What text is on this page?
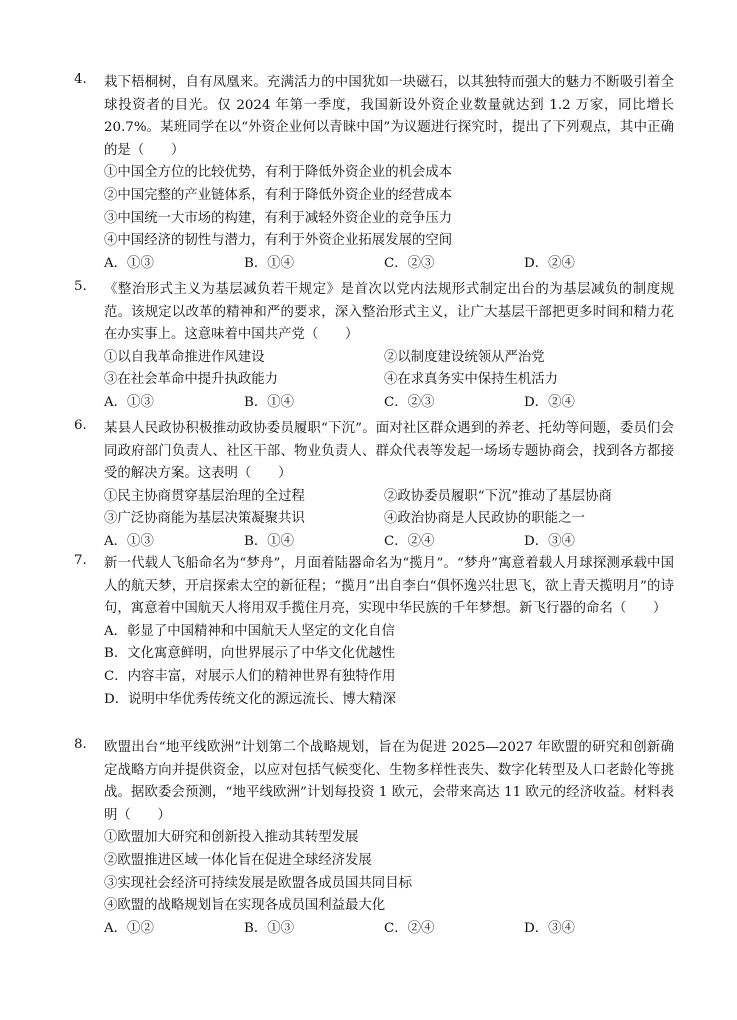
4.	栽下梧桐树，自有凤凰来。充满活力的中国犹如一块磁石，以其独特而强大的魅力不断吸引着全球投资者的目光。仅 2024 年第一季度，我国新设外资企业数量就达到 1.2 万家，同比增长 20.7%。某班同学在以“外资企业何以青睐中国”为议题进行探究时，提出了下列观点，其中正确的是（　　）
①中国全方位的比较优势，有利于降低外资企业的机会成本
②中国完整的产业链体系，有利于降低外资企业的经营成本
③中国统一大市场的构建，有利于减轻外资企业的竞争压力
④中国经济的韧性与潜力，有利于外资企业拓展发展的空间
A．①③	B．①④	C．②③	D．②④
5.	《整治形式主义为基层减负若干规定》是首次以党内法规形式制定出台的为基层减负的制度规范。该规定以改革的精神和严的要求，深入整治形式主义，让广大基层干部把更多时间和精力花在办实事上。这意味着中国共产党（　　）
①以自我革命推进作风建设	②以制度建设统领从严治党
③在社会革命中提升执政能力	④在求真务实中保持生机活力
A．①③	B．①④	C．②③	D．②④
6.	某县人民政协积极推动政协委员履职“下沉”。面对社区群众遇到的养老、托幼等问题，委员们会同政府部门负责人、社区干部、物业负责人、群众代表等发起一场场专题协商会，找到各方都接受的解决方案。这表明（　　）
①民主协商贯穿基层治理的全过程	②政协委员履职“下沉”推动了基层协商
③广泛协商能为基层决策凝聚共识	④政治协商是人民政协的职能之一
A．①③	B．①④	C．②④	D．③④
7.	新一代载人飞船命名为“梦舟”，月面着陆器命名为“揽月”。“梦舟”寓意着载人月球探测承载中国人的航天梦，开启探索太空的新征程；“揽月”出自李白“俱怀逸兴壮思飞，欲上青天揽明月”的诗句，寓意着中国航天人将用双手揽住月亮，实现中华民族的千年梦想。新飞行器的命名（　　）
A．彰显了中国精神和中国航天人坚定的文化自信
B．文化寓意鲜明，向世界展示了中华文化优越性
C．内容丰富，对展示人们的精神世界有独特作用
D．说明中华优秀传统文化的源远流长、博大精深
8.	欧盟出台“地平线欧洲”计划第二个战略规划，旨在为促进 2025—2027 年欧盟的研究和创新确定战略方向并提供资金，以应对包括气候变化、生物多样性丧失、数字化转型及人口老龄化等挑战。据欧委会预测，“地平线欧洲”计划每投资 1 欧元，会带来高达 11 欧元的经济收益。材料表明（　　）
①欧盟加大研究和创新投入推动其转型发展
②欧盟推进区域一体化旨在促进全球经济发展
③实现社会经济可持续发展是欧盟各成员国共同目标
④欧盟的战略规划旨在实现各成员国利益最大化
A．①②	B．①③	C．②④	D．③④
